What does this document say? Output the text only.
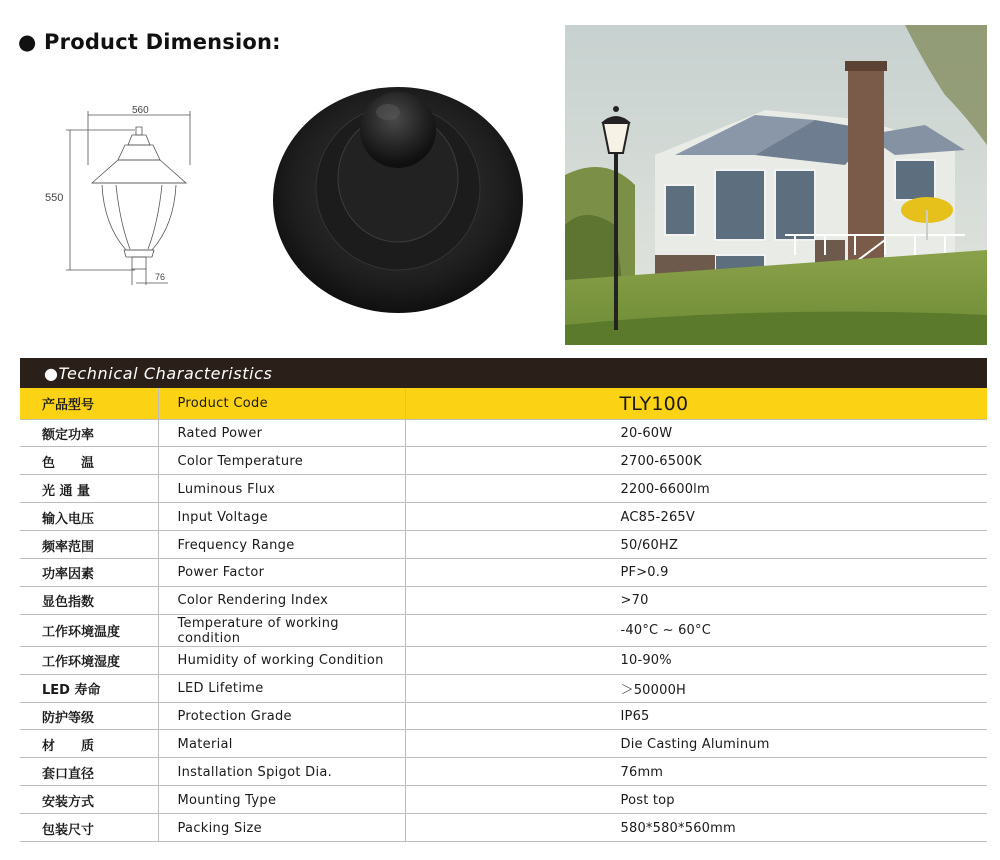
● Product Dimension:
560
550
76
●Technical Characteristics
产品型号	Product Code	TLY100
额定功率	Rated Power	20-60W
色　　温	Color Temperature	2700-6500K
光 通 量	Luminous Flux	2200-6600lm
输入电压	Input Voltage	AC85-265V
频率范围	Frequency Range	50/60HZ
功率因素	Power Factor	PF>0.9
显色指数	Color Rendering Index	>70
工作环境温度	Temperature of working condition	-40°C ~ 60°C
工作环境湿度	Humidity of working Condition	10-90%
LED 寿命	LED Lifetime	＞50000H
防护等级	Protection Grade	IP65
材　　质	Material	Die Casting Aluminum
套口直径	Installation Spigot Dia.	76mm
安装方式	Mounting Type	Post top
包装尺寸	Packing Size	580*580*560mm
